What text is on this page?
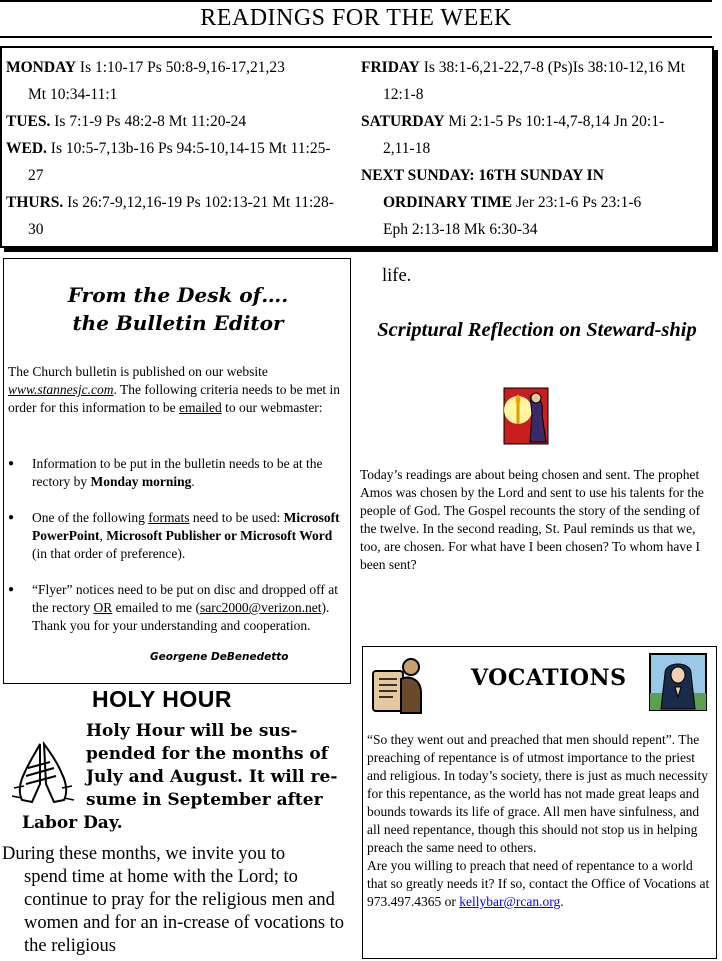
READINGS FOR THE WEEK
MONDAY Is 1:10-17 Ps 50:8-9,16-17,21,23
Mt 10:34-11:1
TUES. Is 7:1-9 Ps 48:2-8 Mt 11:20-24
WED. Is 10:5-7,13b-16 Ps 94:5-10,14-15 Mt 11:25-
27
THURS. Is 26:7-9,12,16-19 Ps 102:13-21 Mt 11:28-
30
FRIDAY Is 38:1-6,21-22,7-8 (Ps)Is 38:10-12,16 Mt
12:1-8
SATURDAY Mi 2:1-5 Ps 10:1-4,7-8,14 Jn 20:1-
2,11-18
NEXT SUNDAY: 16TH SUNDAY IN
ORDINARY TIME Jer 23:1-6 Ps 23:1-6
Eph 2:13-18 Mk 6:30-34
From the Desk of….
the Bulletin Editor
The Church bulletin is published on our website www.stannesjc.com. The following criteria needs to be met in order for this information to be emailed to our webmaster:
● Information to be put in the bulletin needs to be at the rectory by Monday morning.
● One of the following formats need to be used: Microsoft PowerPoint, Microsoft Publisher or Microsoft Word (in that order of preference).
● “Flyer” notices need to be put on disc and dropped off at the rectory OR emailed to me (sarc2000@verizon.net).
Thank you for your understanding and cooperation.
Georgene DeBenedetto
HOLY HOUR
Holy Hour will be sus-
pended for the months of
July and August. It will re-
sume in September after
Labor Day.
During these months, we invite you to
spend time at home with the Lord; to continue to pray for the religious men and women and for an in-crease of vocations to the religious
life.
Scriptural Reflection on Steward-ship
Today’s readings are about being chosen and sent. The prophet Amos was chosen by the Lord and sent to use his talents for the people of God. The Gospel recounts the story of the sending of the twelve. In the second reading, St. Paul reminds us that we, too, are chosen. For what have I been chosen? To whom have I been sent?
VOCATIONS
“So they went out and preached that men should repent”. The preaching of repentance is of utmost importance to the priest and religious. In today’s society, there is just as much necessity for this repentance, as the world has not made great leaps and bounds towards its life of grace. All men have sinfulness, and all need repentance, though this should not stop us in helping preach the same need to others.
Are you willing to preach that need of repentance to a world that so greatly needs it? If so, contact the Office of Vocations at 973.497.4365 or kellybar@rcan.org.
